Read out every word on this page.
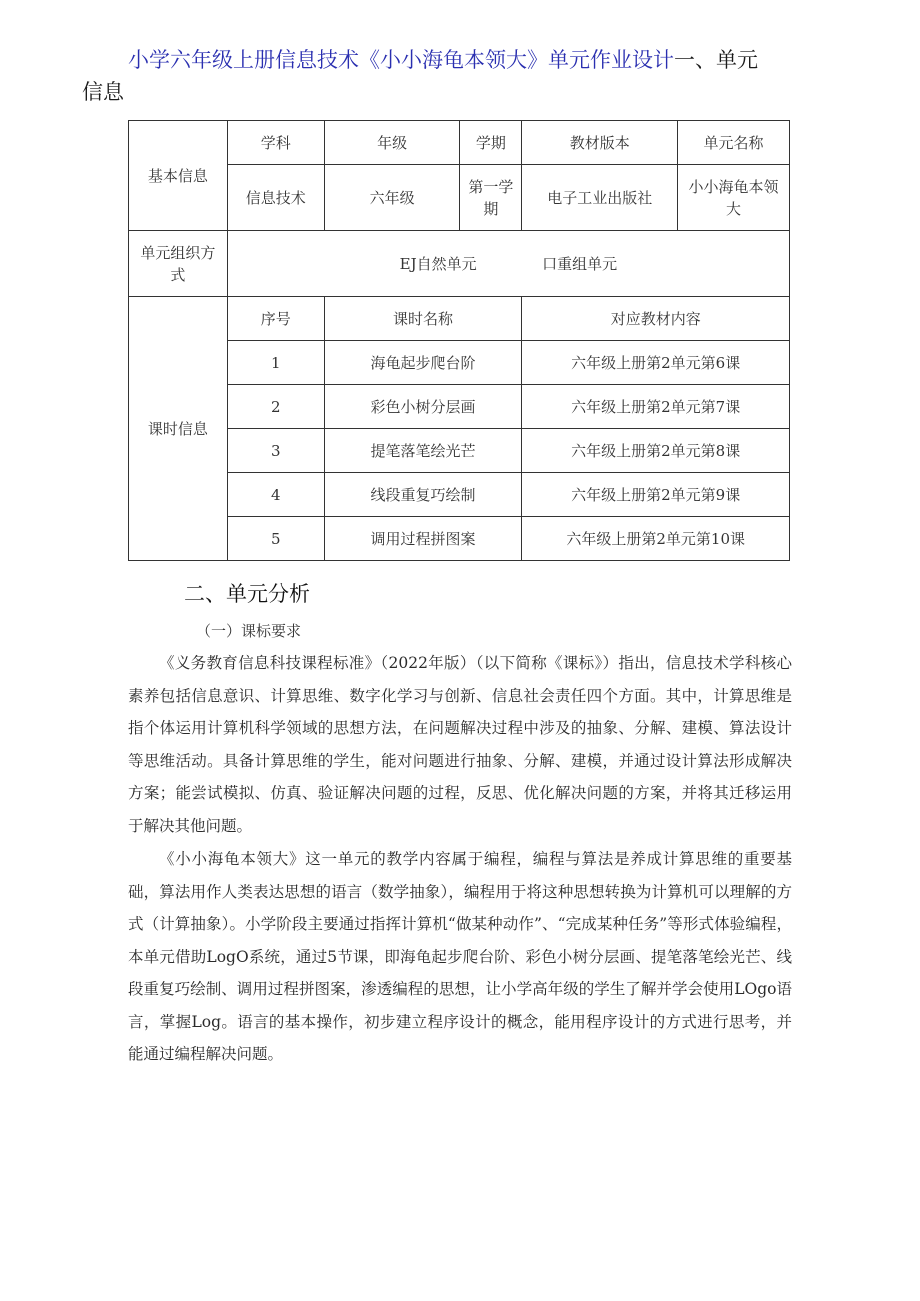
小学六年级上册信息技术《小小海龟本领大》单元作业设计一、单元
信息
基本信息	学科	年级	学期	教材版本	单元名称
	信息技术	六年级	第一学期	电子工业出版社	小小海龟本领大
单元组织方式	EJ自然单元 口重组单元				
课时信息	序号	课时名称		对应教材内容	
	1	海龟起步爬台阶		六年级上册第2单元第6课	
	2	彩色小树分层画		六年级上册第2单元第7课	
	3	提笔落笔绘光芒		六年级上册第2单元第8课	
	4	线段重复巧绘制		六年级上册第2单元第9课	
	5	调用过程拼图案		六年级上册第2单元第10课	
二、单元分析
（一）课标要求

《义务教育信息科技课程标准》（2022年版）（以下简称《课标》）指出，信息技术学科核心素养包括信息意识、计算思维、数字化学习与创新、信息社会责任四个方面。其中，计算思维是指个体运用计算机科学领域的思想方法，在问题解决过程中涉及的抽象、分解、建模、算法设计等思维活动。具备计算思维的学生，能对问题进行抽象、分解、建模，并通过设计算法形成解决方案；能尝试模拟、仿真、验证解决问题的过程，反思、优化解决问题的方案，并将其迁移运用于解决其他问题。

《小小海龟本领大》这一单元的教学内容属于编程，编程与算法是养成计算思维的重要基础，算法用作人类表达思想的语言（数学抽象），编程用于将这种思想转换为计算机可以理解的方式（计算抽象）。小学阶段主要通过指挥计算机“做某种动作”、“完成某种任务”等形式体验编程，本单元借助LogO系统，通过5节课，即海龟起步爬台阶、彩色小树分层画、提笔落笔绘光芒、线段重复巧绘制、调用过程拼图案，渗透编程的思想，让小学高年级的学生了解并学会使用LOgo语言，掌握Log。语言的基本操作，初步建立程序设计的概念，能用程序设计的方式进行思考，并能通过编程解决问题。
